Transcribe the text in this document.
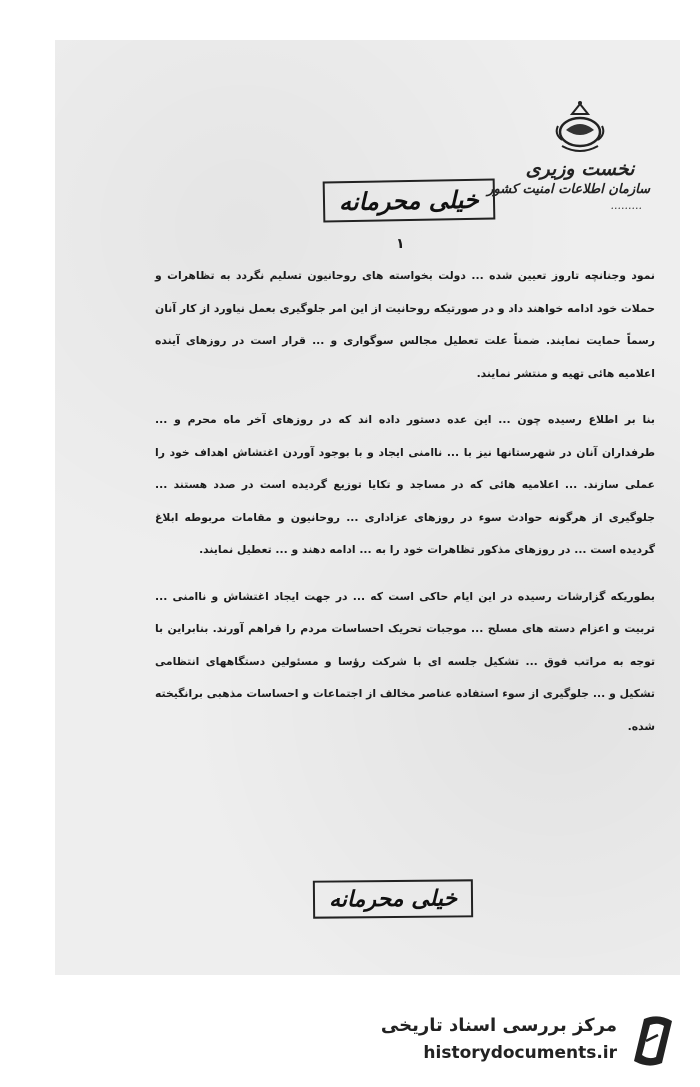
نخست وزیری
سازمان اطلاعات امنیت کشور
.........
خیلی محرمانه
۱

نمود وجنانچه تاروز تعیین شده ... دولت بخواسته های روحانیون تسلیم نگردد به تظاهرات و حملات خود ادامه خواهند داد و در صورتیکه روحانیت از این امر جلوگیری بعمل نیاورد از کار آنان رسماً حمایت نمایند. ضمناً علت تعطیل مجالس سوگواری و ... قرار است در روزهای آینده اعلامیه هائی تهیه و منتشر نمایند.

بنا بر اطلاع رسیده چون ... این عده دستور داده اند که در روزهای آخر ماه محرم و ... طرفداران آنان در شهرستانها نیز با ... ناامنی ایجاد و با بوجود آوردن اغتشاش اهداف خود را عملی سازند. ... اعلامیه هائی که در مساجد و تکایا توزیع گردیده است در صدد هستند ... جلوگیری از هرگونه حوادث سوء در روزهای عزاداری ... روحانیون و مقامات مربوطه ابلاغ گردیده است ... در روزهای مذکور تظاهرات خود را به ... ادامه دهند و ... تعطیل نمایند.

بطوریکه گزارشات رسیده در این ایام حاکی است که ... در جهت ایجاد اغتشاش و ناامنی ... تربیت و اعزام دسته های مسلح ... موجبات تحریک احساسات مردم را فراهم آورند. بنابراین با توجه به مراتب فوق ... تشکیل جلسه ای با شرکت رؤسا و مسئولین دستگاههای انتظامی تشکیل و ... جلوگیری از سوء استفاده عناصر مخالف از اجتماعات و احساسات مذهبی برانگیخته شده.

خیلی محرمانه
مرکز بررسی اسناد تاریخی
historydocuments.ir
